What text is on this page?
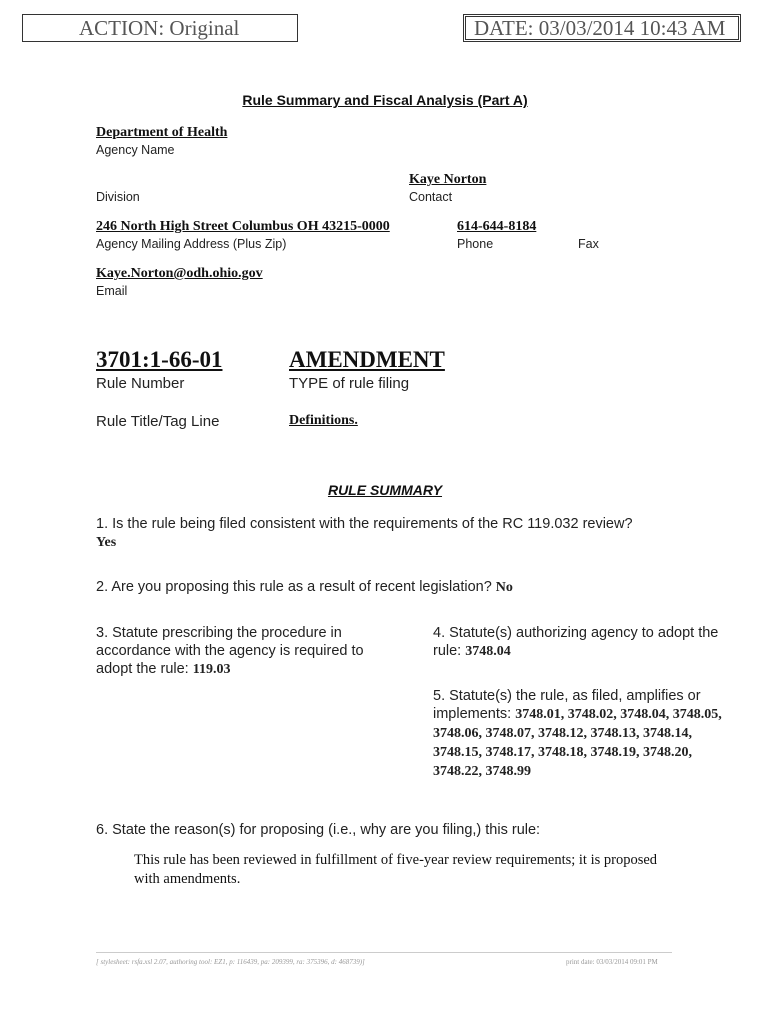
ACTION: Original	DATE: 03/03/2014 10:43 AM
Rule Summary and Fiscal Analysis (Part A)
Department of Health
Agency Name
Kaye Norton
Division	Contact
246 North High Street Columbus OH 43215-0000	614-644-8184
Agency Mailing Address (Plus Zip)	Phone	Fax
Kaye.Norton@odh.ohio.gov
Email
3701:1-66-01	AMENDMENT
Rule Number	TYPE of rule filing
Rule Title/Tag Line	Definitions.
RULE SUMMARY
1. Is the rule being filed consistent with the requirements of the RC 119.032 review? Yes
2. Are you proposing this rule as a result of recent legislation? No
3. Statute prescribing the procedure in accordance with the agency is required to adopt the rule: 119.03
4. Statute(s) authorizing agency to adopt the rule: 3748.04
5. Statute(s) the rule, as filed, amplifies or implements: 3748.01, 3748.02, 3748.04, 3748.05, 3748.06, 3748.07, 3748.12, 3748.13, 3748.14, 3748.15, 3748.17, 3748.18, 3748.19, 3748.20, 3748.22, 3748.99
6. State the reason(s) for proposing (i.e., why are you filing,) this rule:
This rule has been reviewed in fulfillment of five-year review requirements; it is proposed with amendments.
[ stylesheet: rsfa.xsl 2.07, authoring tool: EZ1, p: 116439, pa: 209399, ra: 375396, d: 468739)]	print date: 03/03/2014 09:01 PM
